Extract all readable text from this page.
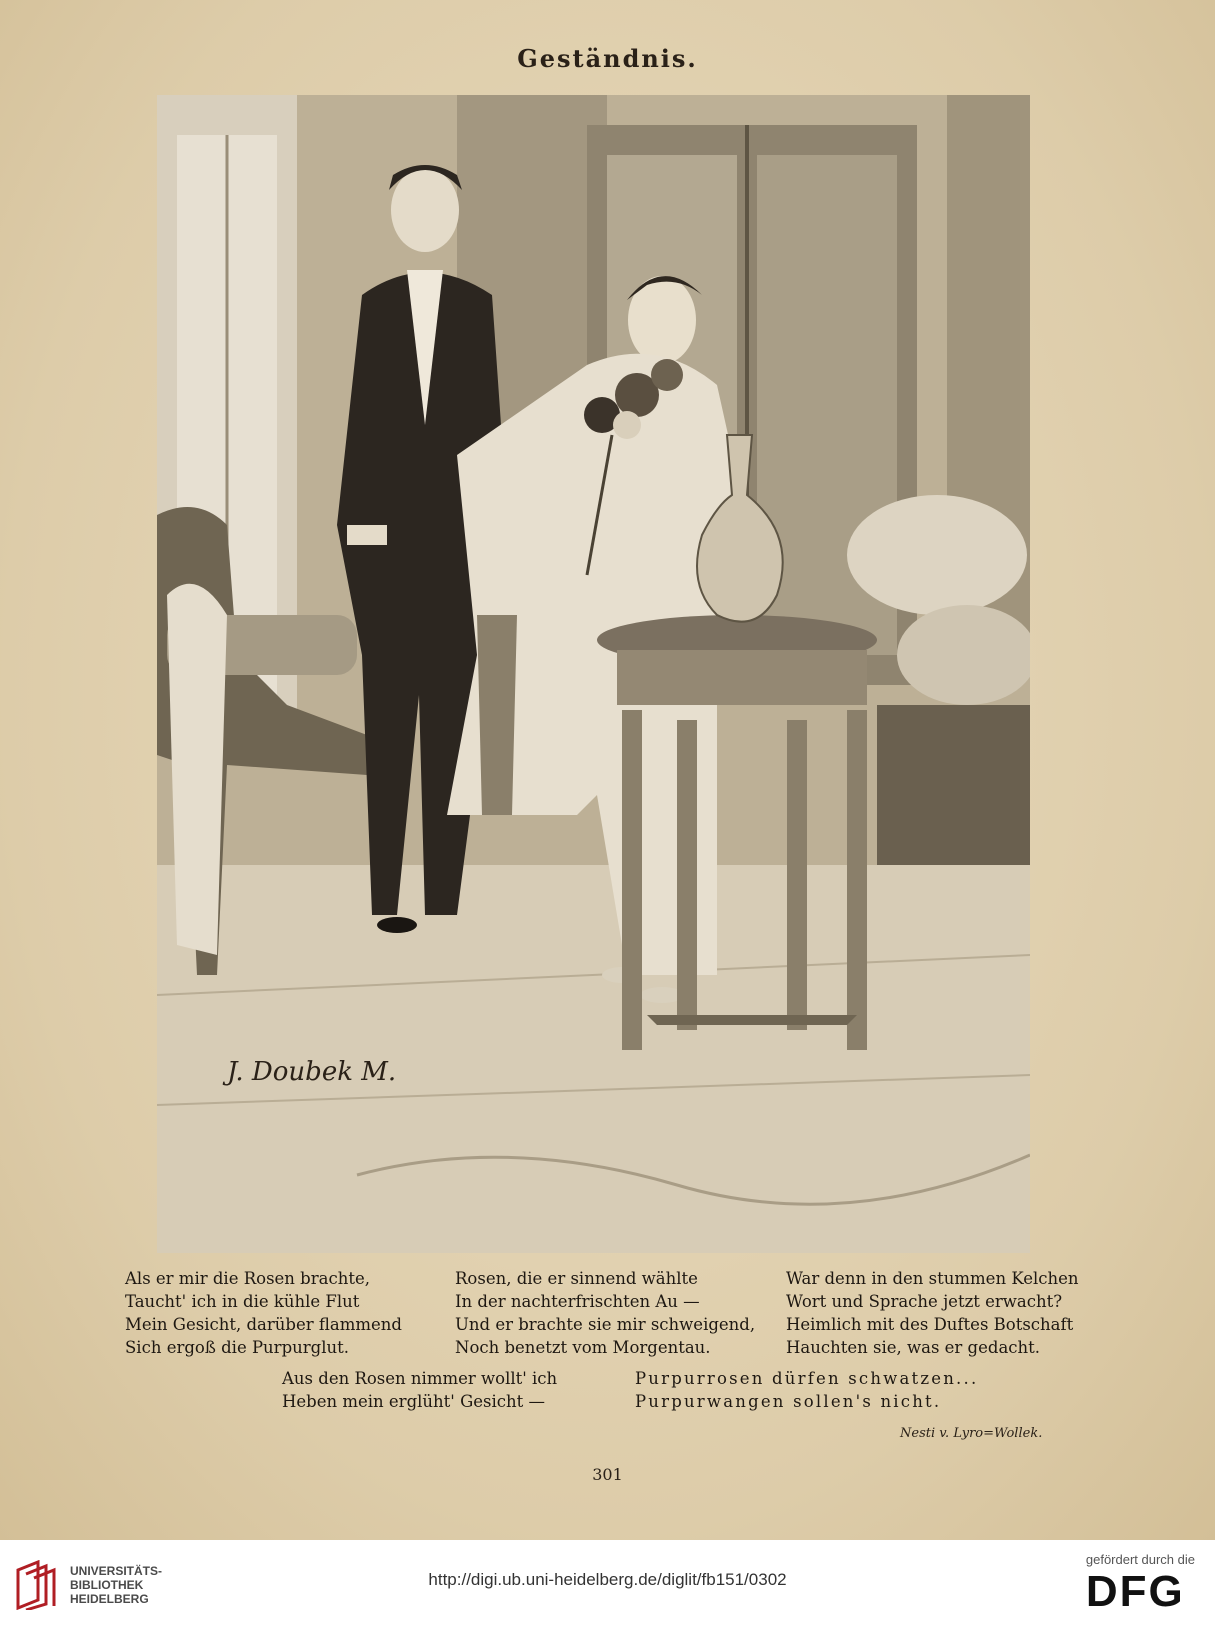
Geständnis.
J. Doubek M.
Als er mir die Rosen brachte,
Taucht' ich in die kühle Flut
Mein Gesicht, darüber flammend
Sich ergoß die Purpurglut.
Rosen, die er sinnend wählte
In der nachterfrischten Au —
Und er brachte sie mir schweigend,
Noch benetzt vom Morgentau.
War denn in den stummen Kelchen
Wort und Sprache jetzt erwacht?
Heimlich mit des Duftes Botschaft
Hauchten sie, was er gedacht.
Aus den Rosen nimmer wollt' ich
Heben mein erglüht' Gesicht —
Purpurrosen dürfen schwatzen...
Purpurwangen sollen's nicht.
Nesti v. Lyro=Wollek.
301
UNIVERSITÄTS-
BIBLIOTHEK
HEIDELBERG
http://digi.ub.uni-heidelberg.de/diglit/fb151/0302
gefördert durch die
DFG
